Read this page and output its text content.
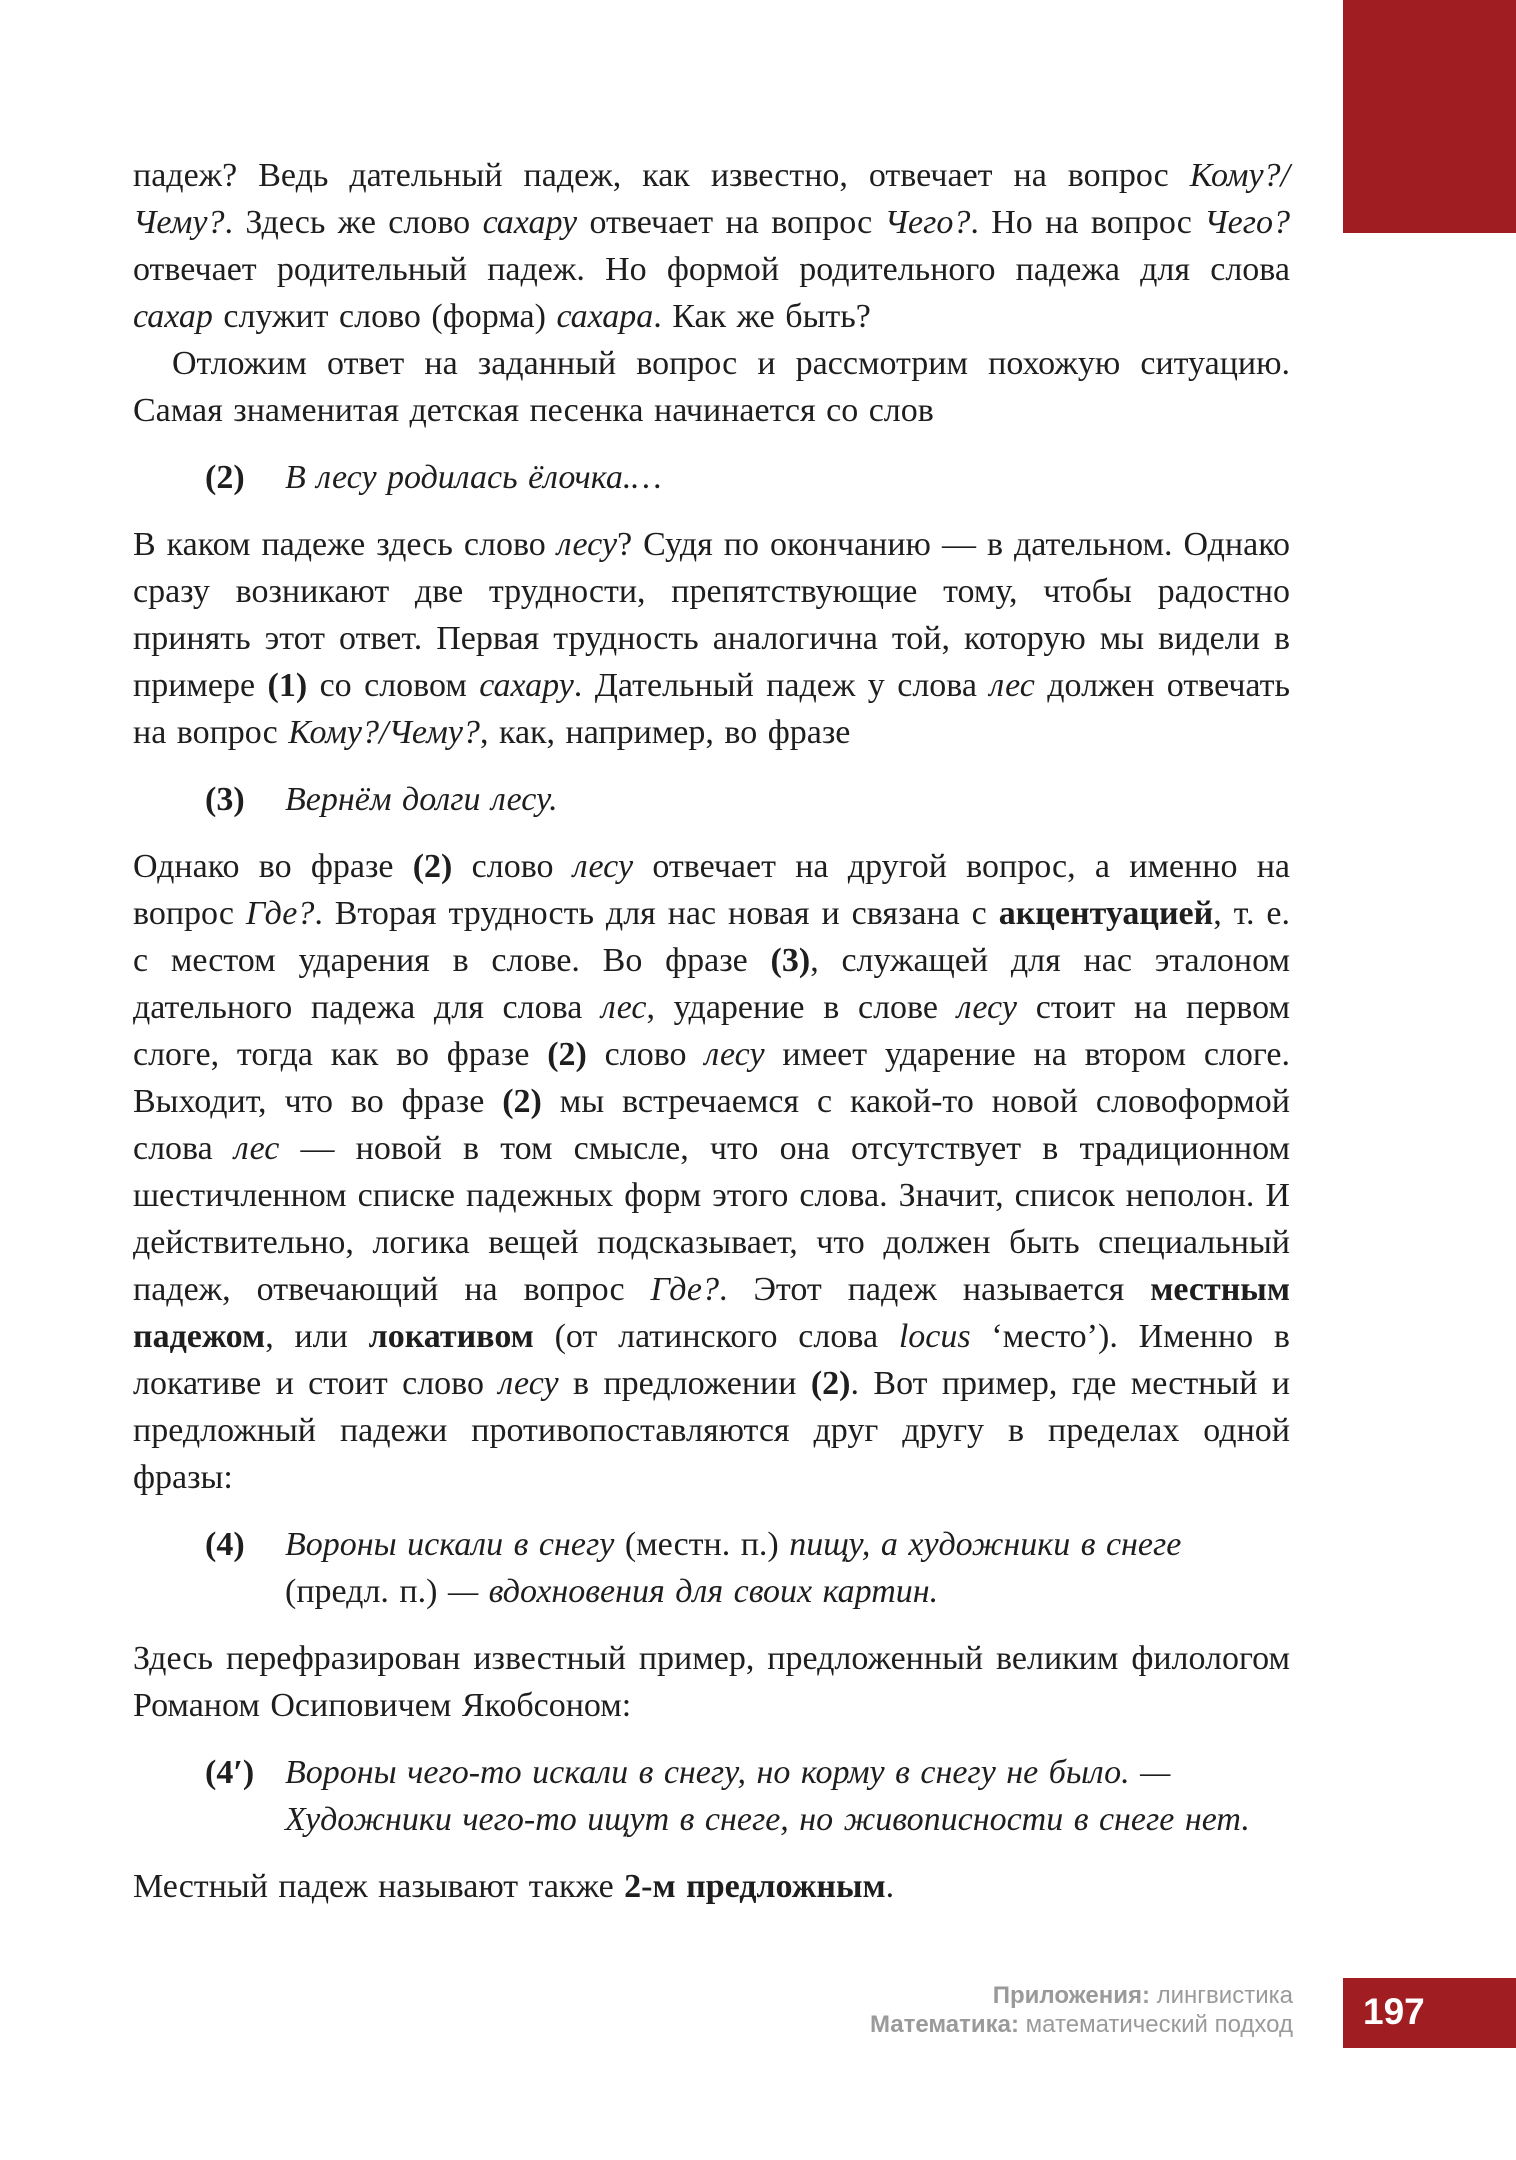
падеж? Ведь дательный падеж, как известно, отвечает на вопрос Кому?/Чему?. Здесь же слово сахару отвечает на вопрос Чего?. Но на вопрос Чего? отвечает родительный падеж. Но формой родительного падежа для слова сахар служит слово (форма) сахара. Как же быть?

Отложим ответ на заданный вопрос и рассмотрим похожую ситуацию. Самая знаменитая детская песенка начинается со слов

(2)	В лесу родилась ёлочка.…

В каком падеже здесь слово лесу? Судя по окончанию — в дательном. Однако сразу возникают две трудности, препятствующие тому, чтобы радостно принять этот ответ. Первая трудность аналогична той, которую мы видели в примере (1) со словом сахару. Дательный падеж у слова лес должен отвечать на вопрос Кому?/Чему?, как, например, во фразе

(3)	Вернём долги лесу.

Однако во фразе (2) слово лесу отвечает на другой вопрос, а именно на вопрос Где?. Вторая трудность для нас новая и связана с акцентуацией, т. е. с местом ударения в слове. Во фразе (3), служащей для нас эталоном дательного падежа для слова лес, ударение в слове лесу стоит на первом слоге, тогда как во фразе (2) слово лесу имеет ударение на втором слоге. Выходит, что во фразе (2) мы встречаемся с какой-то новой словоформой слова лес — новой в том смысле, что она отсутствует в традиционном шестичленном списке падежных форм этого слова. Значит, список неполон. И действительно, логика вещей подсказывает, что должен быть специальный падеж, отвечающий на вопрос Где?. Этот падеж называется местным падежом, или локативом (от латинского слова locus ‘место’). Именно в локативе и стоит слово лесу в предложении (2). Вот пример, где местный и предложный падежи противопоставляются друг другу в пределах одной фразы:

(4)	Вороны искали в снегу (местн. п.) пищу, а художники в снеге (предл. п.) — вдохновения для своих картин.

Здесь перефразирован известный пример, предложенный великим филологом Романом Осиповичем Якобсоном:

(4′) Вороны чего-то искали в снегу, но корму в снегу не было. — Художники чего-то ищут в снеге, но живописности в снеге нет.

Местный падеж называют также 2-м предложным.

Приложения: лингвистика
Математика: математический подход	197
